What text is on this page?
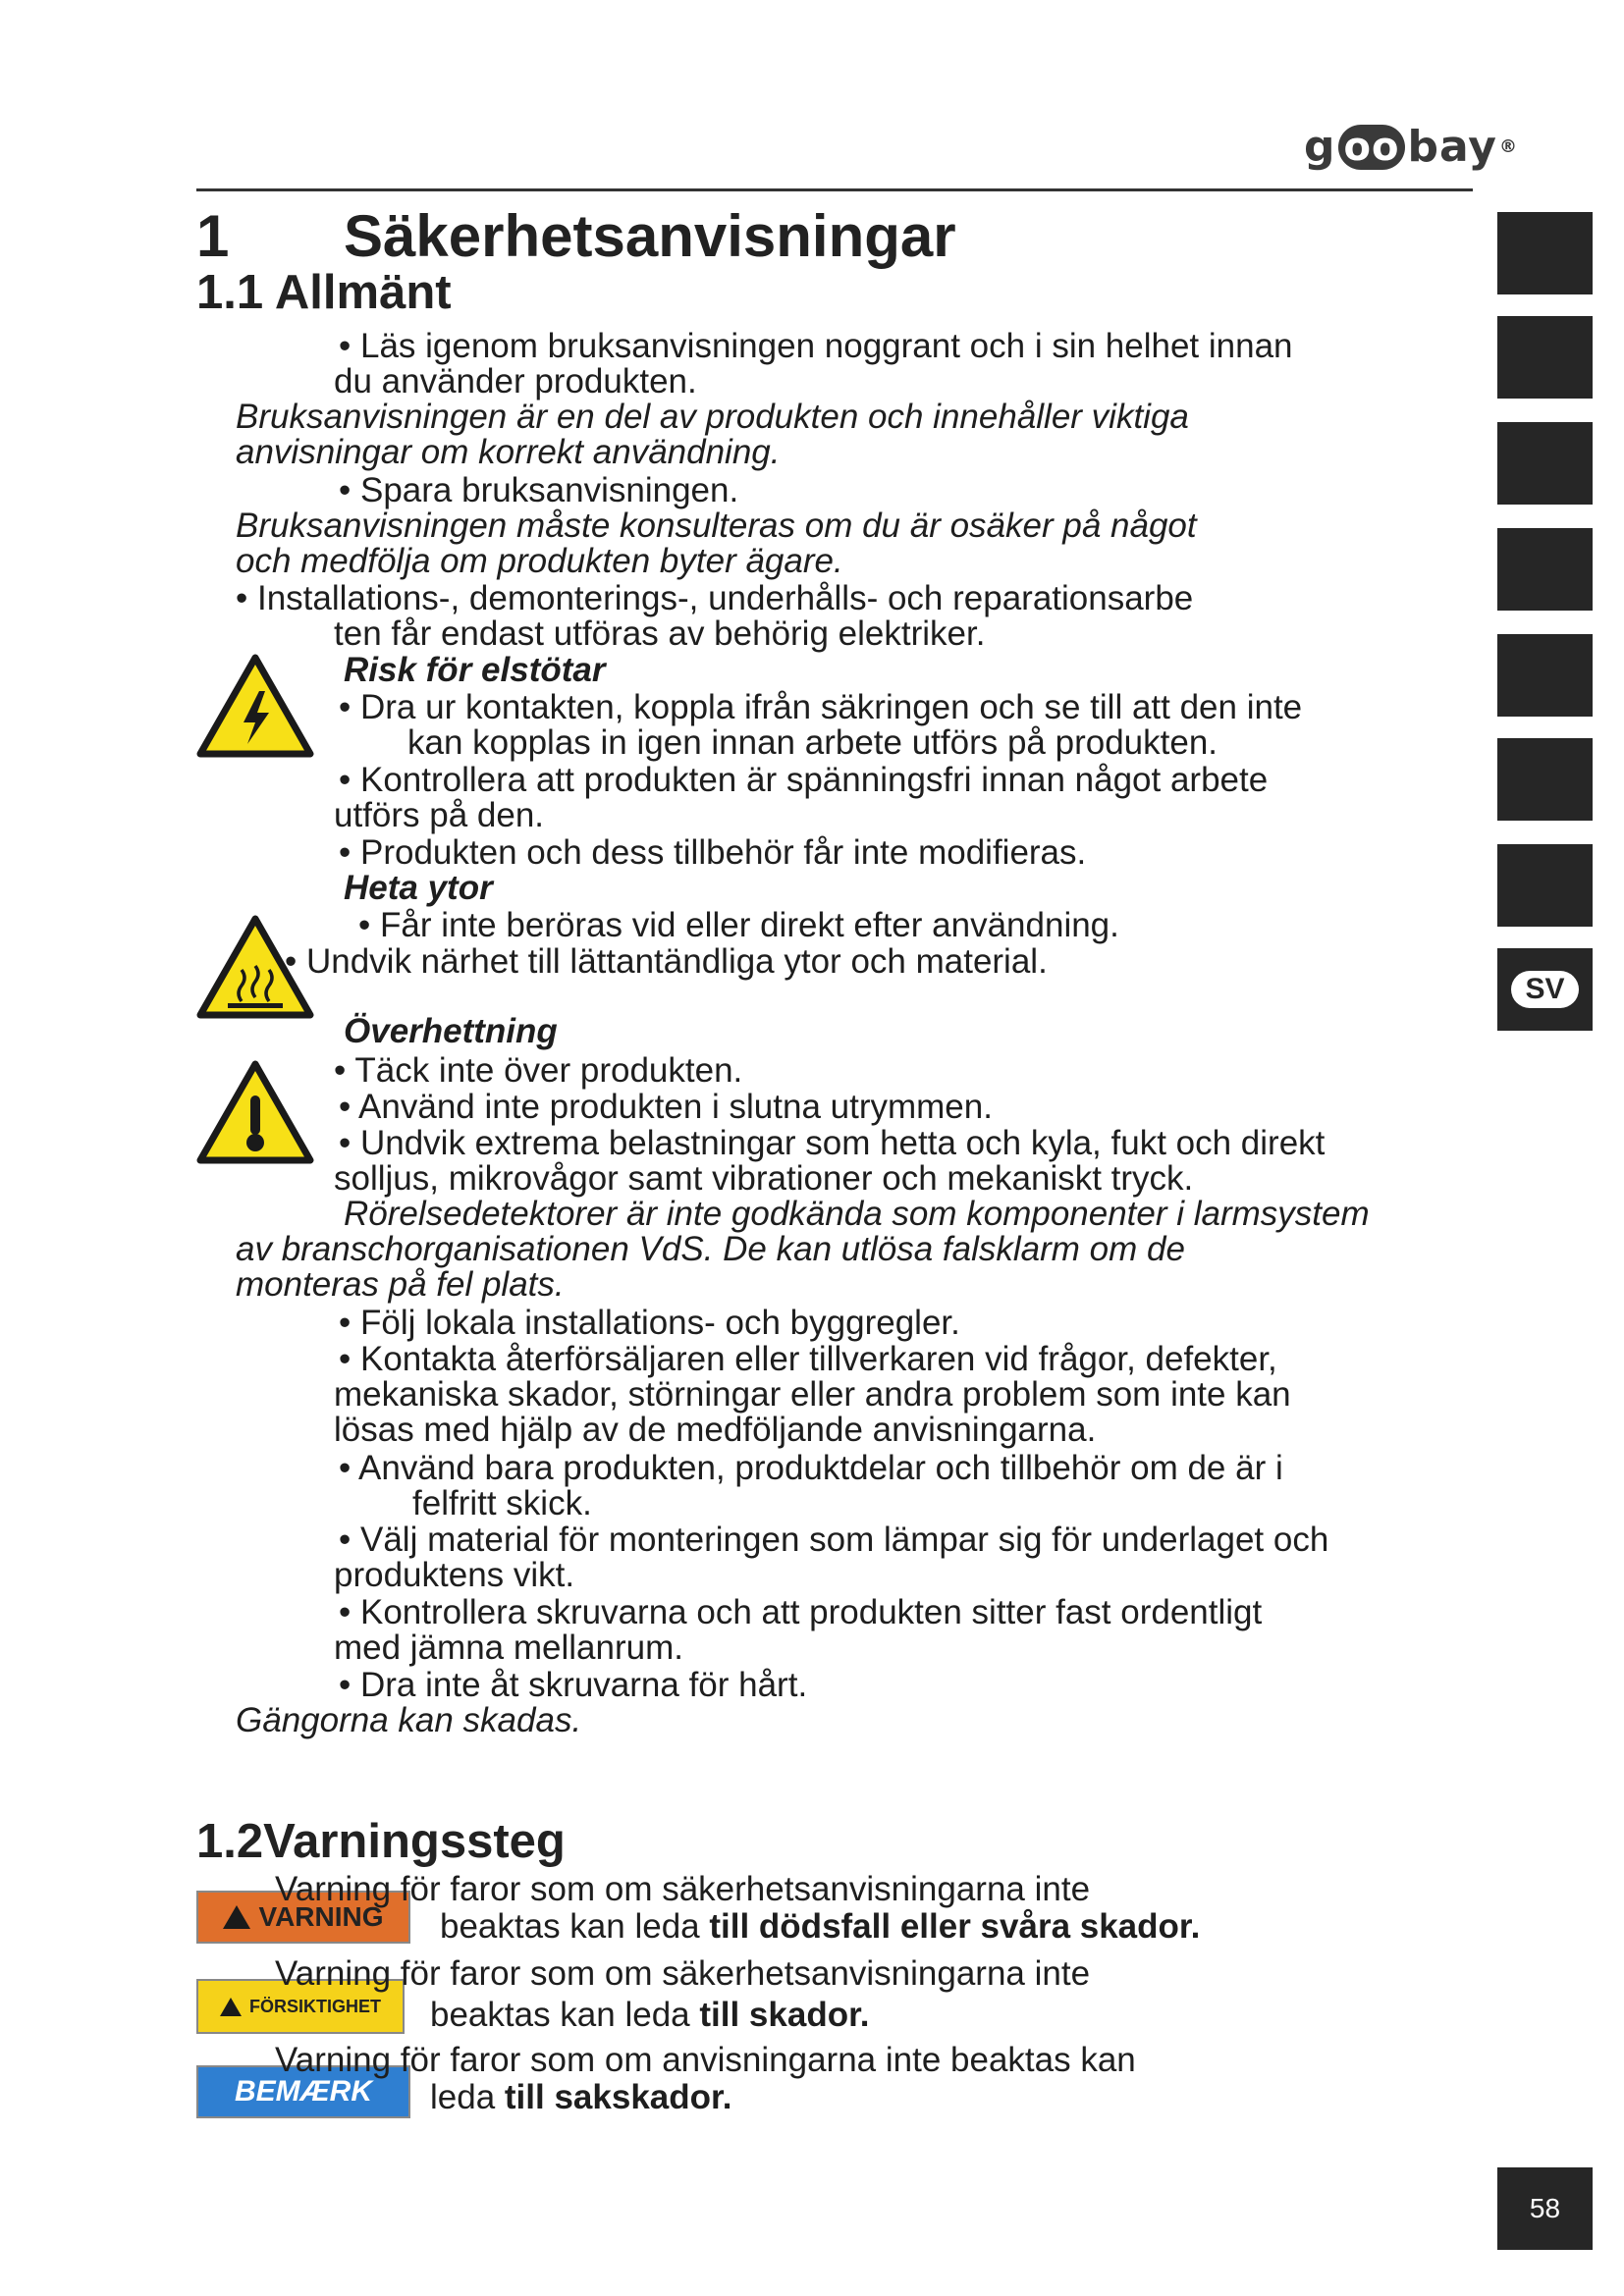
g oo bay ®
1 Säkerhetsanvisningar
1.1 Allmänt
• Läs igenom bruksanvisningen noggrant och i sin helhet innan
du använder produkten.
Bruksanvisningen är en del av produkten och innehåller viktiga
anvisningar om korrekt användning.
• Spara bruksanvisningen.
Bruksanvisningen måste konsulteras om du är osäker på något
och medfölja om produkten byter ägare.
• Installations-, demonterings-, underhålls- och reparationsarbe
ten får endast utföras av behörig elektriker.
Risk för elstötar
• Dra ur kontakten, koppla ifrån säkringen och se till att den inte
kan kopplas in igen innan arbete utförs på produkten.
• Kontrollera att produkten är spänningsfri innan något arbete
utförs på den.
• Produkten och dess tillbehör får inte modifieras.
Heta ytor
• Får inte beröras vid eller direkt efter användning.
• Undvik närhet till lättantändliga ytor och material.
Överhettning
• Täck inte över produkten.
• Använd inte produkten i slutna utrymmen.
• Undvik extrema belastningar som hetta och kyla, fukt och direkt
solljus, mikrovågor samt vibrationer och mekaniskt tryck.
Rörelsedetektorer är inte godkända som komponenter i larmsystem
av branschorganisationen VdS. De kan utlösa falsklarm om de
monteras på fel plats.
• Följ lokala installations- och byggregler.
• Kontakta återförsäljaren eller tillverkaren vid frågor, defekter,
mekaniska skador, störningar eller andra problem som inte kan
lösas med hjälp av de medföljande anvisningarna.
• Använd bara produkten, produktdelar och tillbehör om de är i
felfritt skick.
• Välj material för monteringen som lämpar sig för underlaget och
produktens vikt.
• Kontrollera skruvarna och att produkten sitter fast ordentligt
med jämna mellanrum.
• Dra inte åt skruvarna för hårt.
Gängorna kan skadas.
1.2Varningssteg
VARNING
Varning för faror som om säkerhetsanvisningarna inte
beaktas kan leda till dödsfall eller svåra skador.
FÖRSIKTIGHET
Varning för faror som om säkerhetsanvisningarna inte
beaktas kan leda till skador.
BEMÆRK
Varning för faror som om anvisningarna inte beaktas kan
leda till sakskador.
SV
58
